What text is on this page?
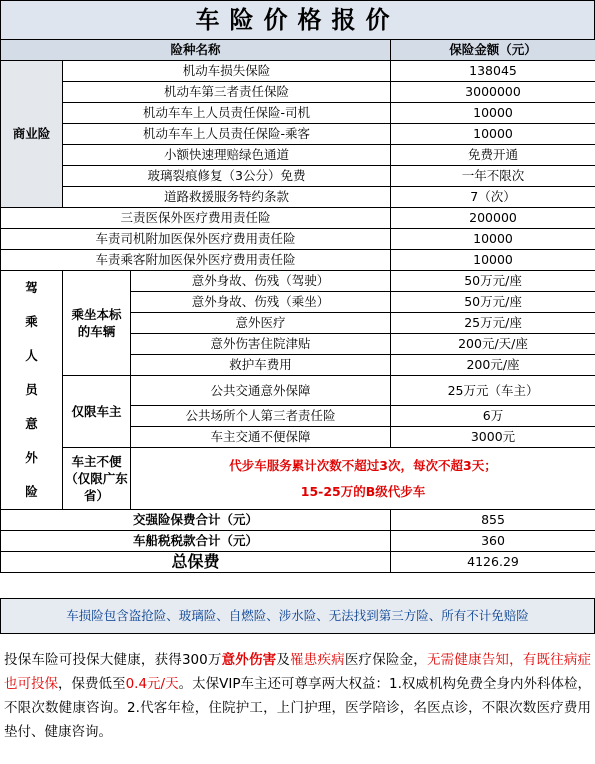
车险价格报价
险种名称			保险金额（元）
商业险	机动车损失保险		138045
	机动车第三者责任保险		3000000
	机动车车上人员责任保险-司机		10000
	机动车车上人员责任保险-乘客		10000
	小额快速理赔绿色通道		免费开通
	玻璃裂痕修复（3公分）免费		一年不限次
	道路救援服务特约条款		7（次）
三责医保外医疗费用责任险			200000
车责司机附加医保外医疗费用责任险			10000
车责乘客附加医保外医疗费用责任险			10000

驾乘人员意外险	乘坐本标的车辆	意外身故、伤残（驾驶）	50万元/座
		意外身故、伤残（乘坐）	50万元/座
		意外医疗	25万元/座
		意外伤害住院津贴	200元/天/座
		救护车费用	200元/座
	仅限车主	公共交通意外保障	25万元（车主）
		公共场所个人第三者责任险	6万
		车主交通不便保障	3000元

	车主不便（仅限广东省）	代步车服务累计次数不超过3次，每次不超3天；
15-25万的B级代步车	

交强险保费合计（元）			855
车船税税款合计（元）			360
总保费			4126.29
车损险包含盗抢险、玻璃险、自燃险、涉水险、无法找到第三方险、所有不计免赔险
投保车险可投保大健康，获得300万意外伤害及罹患疾病医疗保险金，无需健康告知，有既往病症也可投保，保费低至0.4元/天。太保VIP车主还可尊享两大权益：1.权威机构免费全身内外科体检，不限次数健康咨询。2.代客年检，住院护工，上门护理，医学陪诊，名医点诊，不限次数医疗费用垫付、健康咨询。
